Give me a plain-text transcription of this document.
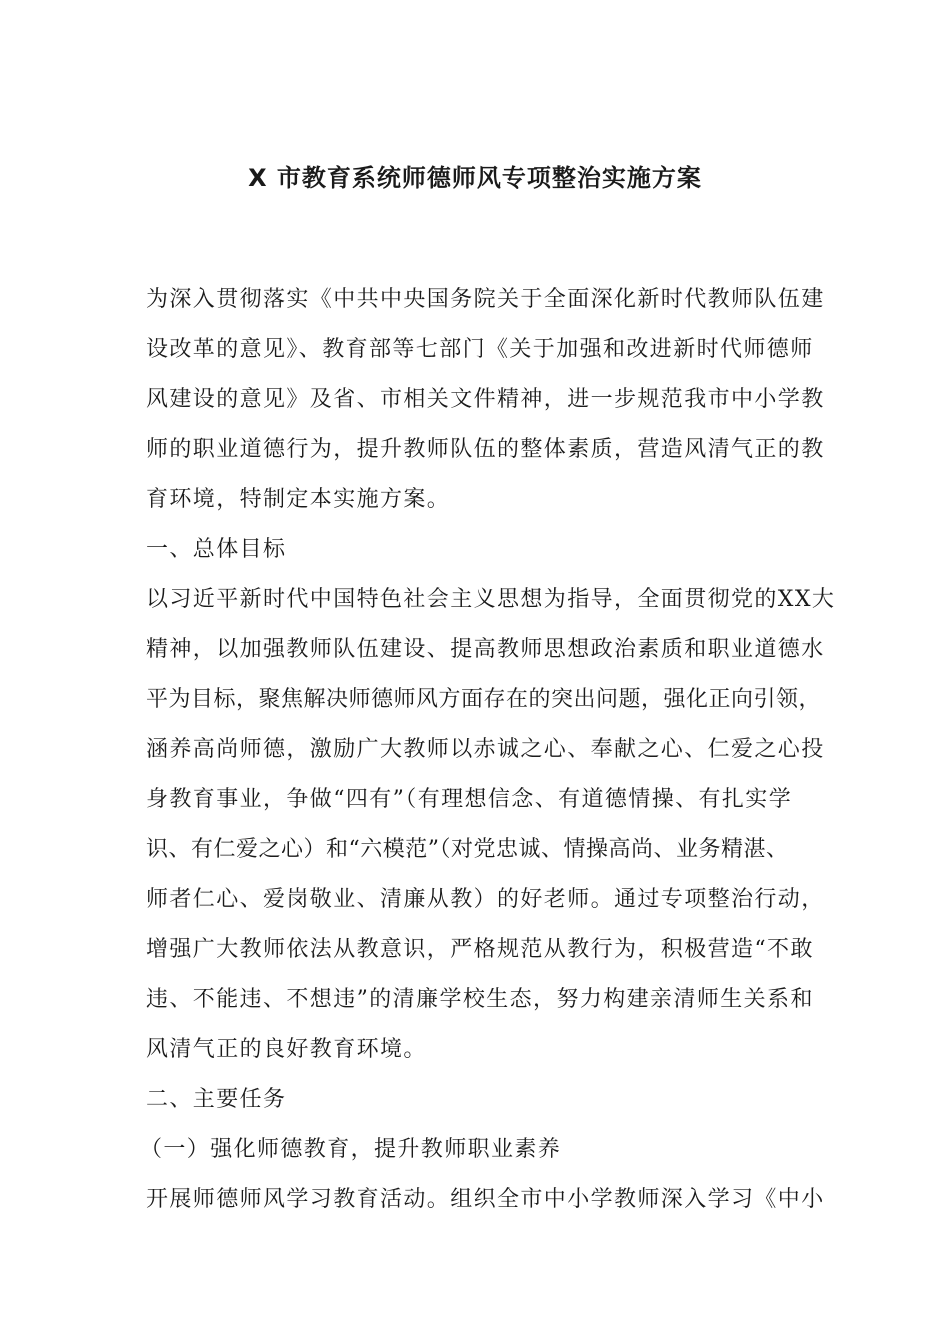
X 市教育系统师德师风专项整治实施方案
为深入贯彻落实《中共中央国务院关于全面深化新时代教师队伍建
设改革的意见》、教育部等七部门《关于加强和改进新时代师德师
风建设的意见》及省、市相关文件精神，进一步规范我市中小学教
师的职业道德行为，提升教师队伍的整体素质，营造风清气正的教
育环境，特制定本实施方案。
一、总体目标
以习近平新时代中国特色社会主义思想为指导，全面贯彻党的XX大
精神，以加强教师队伍建设、提高教师思想政治素质和职业道德水
平为目标，聚焦解决师德师风方面存在的突出问题，强化正向引领，
涵养高尚师德，激励广大教师以赤诚之心、奉献之心、仁爱之心投
身教育事业，争做“四有”（有理想信念、有道德情操、有扎实学
识、有仁爱之心）和“六模范”（对党忠诚、情操高尚、业务精湛、
师者仁心、爱岗敬业、清廉从教）的好老师。通过专项整治行动，
增强广大教师依法从教意识，严格规范从教行为，积极营造“不敢
违、不能违、不想违”的清廉学校生态，努力构建亲清师生关系和
风清气正的良好教育环境。
二、主要任务
（一）强化师德教育，提升教师职业素养
开展师德师风学习教育活动。组织全市中小学教师深入学习《中小
